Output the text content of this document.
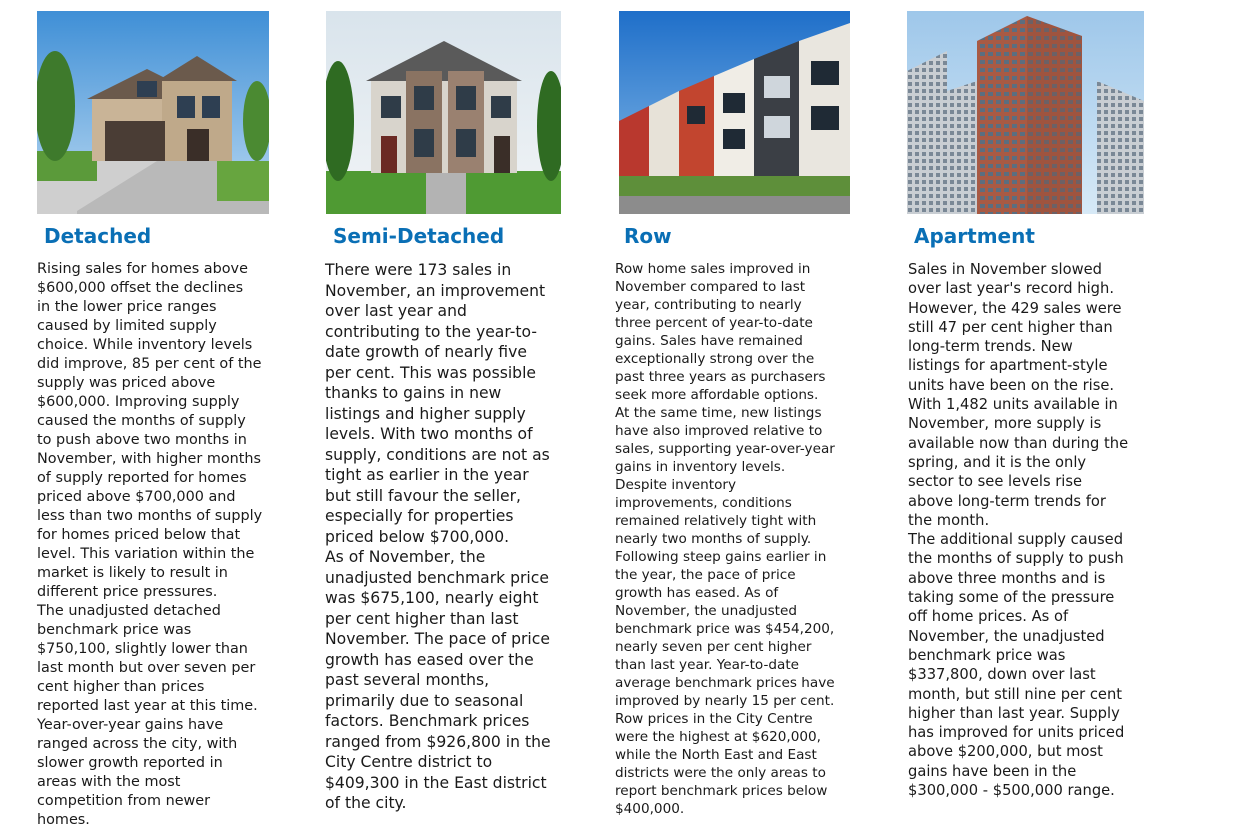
Detached

Rising sales for homes above
$600,000 offset the declines
in the lower price ranges
caused by limited supply
choice. While inventory levels
did improve, 85 per cent of the
supply was priced above
$600,000. Improving supply
caused the months of supply
to push above two months in
November, with higher months
of supply reported for homes
priced above $700,000 and
less than two months of supply
for homes priced below that
level. This variation within the
market is likely to result in
different price pressures.
The unadjusted detached
benchmark price was
$750,100, slightly lower than
last month but over seven per
cent higher than prices
reported last year at this time.
Year-over-year gains have
ranged across the city, with
slower growth reported in
areas with the most
competition from newer
homes.

Semi-Detached

There were 173 sales in
November, an improvement
over last year and
contributing to the year-to-
date growth of nearly five
per cent. This was possible
thanks to gains in new
listings and higher supply
levels. With two months of
supply, conditions are not as
tight as earlier in the year
but still favour the seller,
especially for properties
priced below $700,000.
As of November, the
unadjusted benchmark price
was $675,100, nearly eight
per cent higher than last
November. The pace of price
growth has eased over the
past several months,
primarily due to seasonal
factors. Benchmark prices
ranged from $926,800 in the
City Centre district to
$409,300 in the East district
of the city.

Row

Row home sales improved in
November compared to last
year, contributing to nearly
three percent of year-to-date
gains. Sales have remained
exceptionally strong over the
past three years as purchasers
seek more affordable options.
At the same time, new listings
have also improved relative to
sales, supporting year-over-year
gains in inventory levels.
Despite inventory
improvements, conditions
remained relatively tight with
nearly two months of supply.
Following steep gains earlier in
the year, the pace of price
growth has eased. As of
November, the unadjusted
benchmark price was $454,200,
nearly seven per cent higher
than last year. Year-to-date
average benchmark prices have
improved by nearly 15 per cent.
Row prices in the City Centre
were the highest at $620,000,
while the North East and East
districts were the only areas to
report benchmark prices below
$400,000.

Apartment

Sales in November slowed
over last year's record high.
However, the 429 sales were
still 47 per cent higher than
long-term trends. New
listings for apartment-style
units have been on the rise.
With 1,482 units available in
November, more supply is
available now than during the
spring, and it is the only
sector to see levels rise
above long-term trends for
the month.
The additional supply caused
the months of supply to push
above three months and is
taking some of the pressure
off home prices. As of
November, the unadjusted
benchmark price was
$337,800, down over last
month, but still nine per cent
higher than last year. Supply
has improved for units priced
above $200,000, but most
gains have been in the
$300,000 - $500,000 range.
